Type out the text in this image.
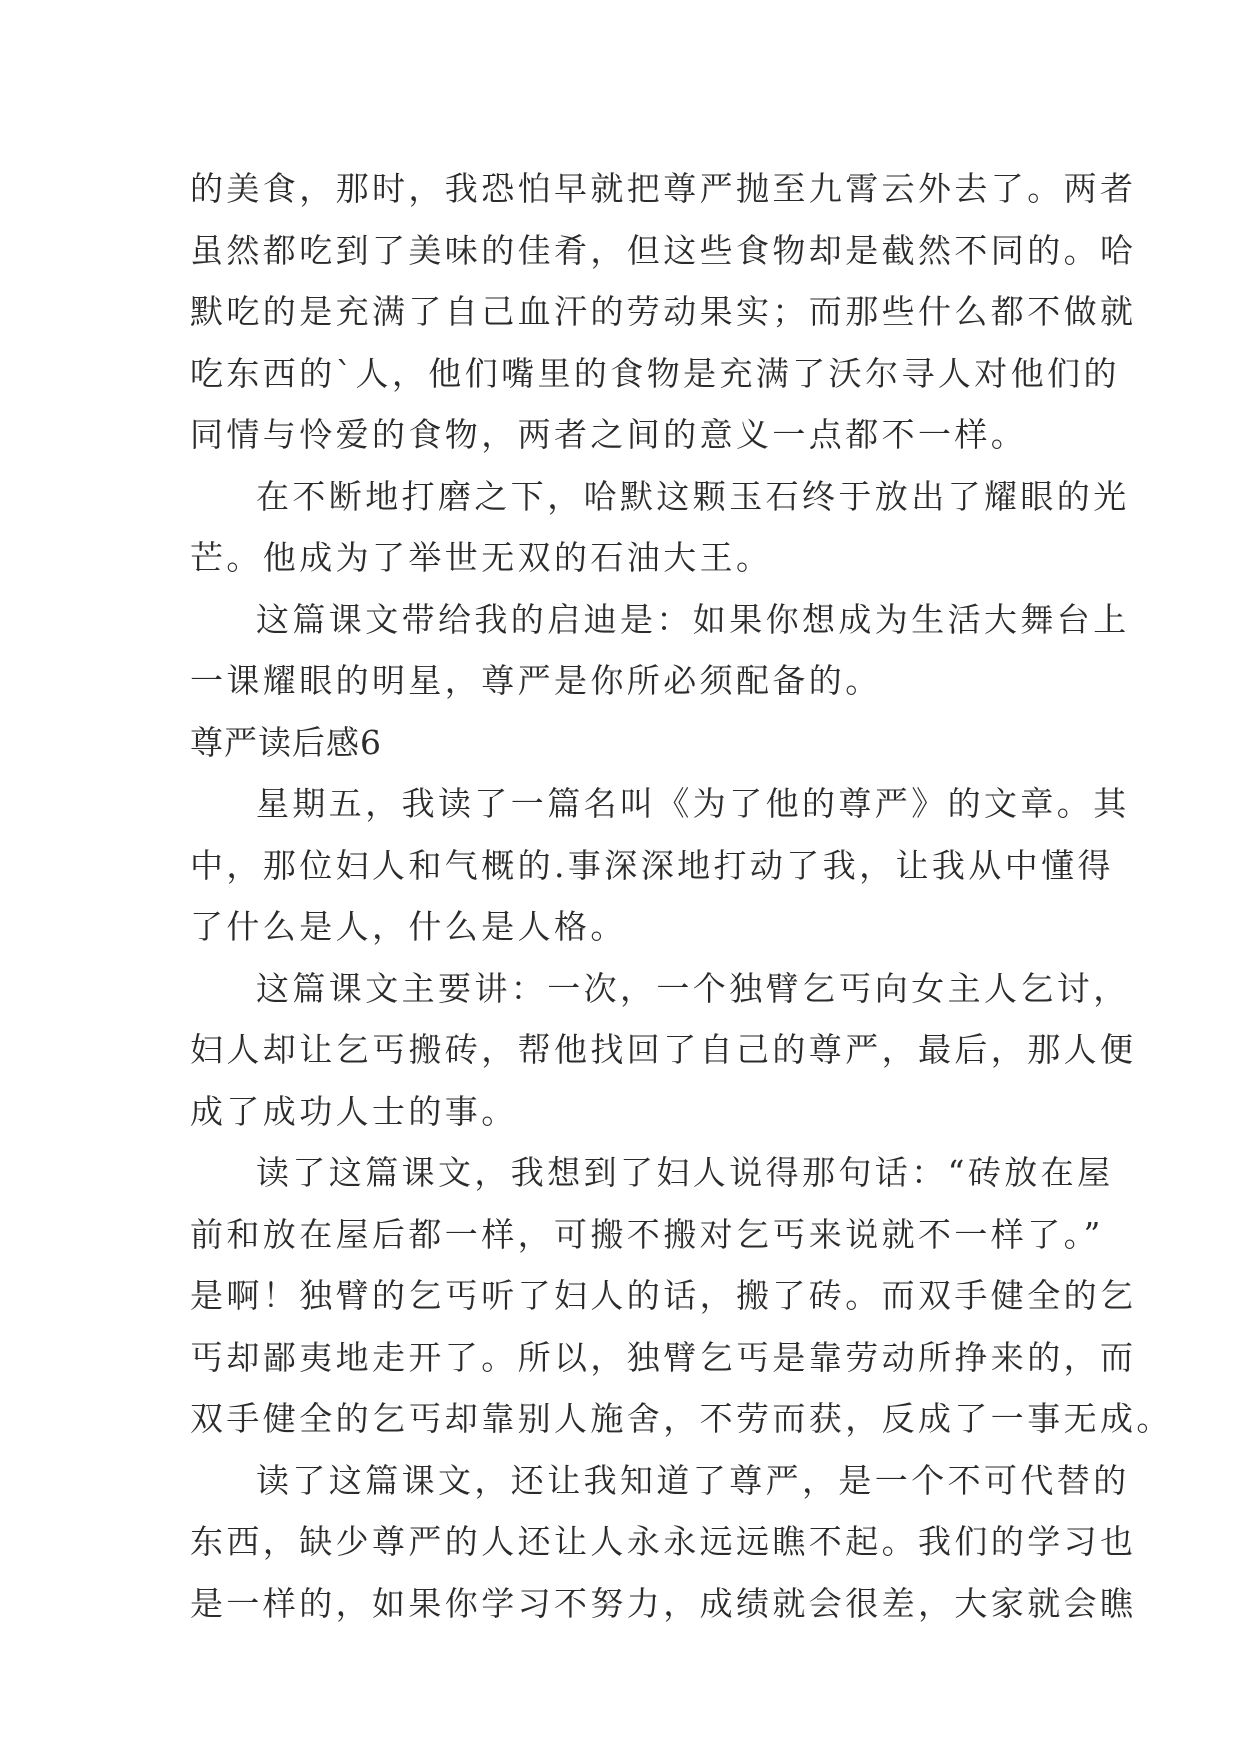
的美食，那时，我恐怕早就把尊严抛至九霄云外去了。两者
虽然都吃到了美味的佳肴，但这些食物却是截然不同的。哈
默吃的是充满了自己血汗的劳动果实；而那些什么都不做就
吃东西的`人，他们嘴里的食物是充满了沃尔寻人对他们的
同情与怜爱的食物，两者之间的意义一点都不一样。
在不断地打磨之下，哈默这颗玉石终于放出了耀眼的光
芒。他成为了举世无双的石油大王。
这篇课文带给我的启迪是：如果你想成为生活大舞台上
一课耀眼的明星，尊严是你所必须配备的。
尊严读后感6
星期五，我读了一篇名叫《为了他的尊严》的文章。其
中，那位妇人和气概的.事深深地打动了我，让我从中懂得
了什么是人，什么是人格。
这篇课文主要讲：一次，一个独臂乞丐向女主人乞讨，
妇人却让乞丐搬砖，帮他找回了自己的尊严，最后，那人便
成了成功人士的事。
读了这篇课文，我想到了妇人说得那句话：“砖放在屋
前和放在屋后都一样，可搬不搬对乞丐来说就不一样了。”
是啊！独臂的乞丐听了妇人的话，搬了砖。而双手健全的乞
丐却鄙夷地走开了。所以，独臂乞丐是靠劳动所挣来的，而
双手健全的乞丐却靠别人施舍，不劳而获，反成了一事无成。
读了这篇课文，还让我知道了尊严，是一个不可代替的
东西，缺少尊严的人还让人永永远远瞧不起。我们的学习也
是一样的，如果你学习不努力，成绩就会很差，大家就会瞧
